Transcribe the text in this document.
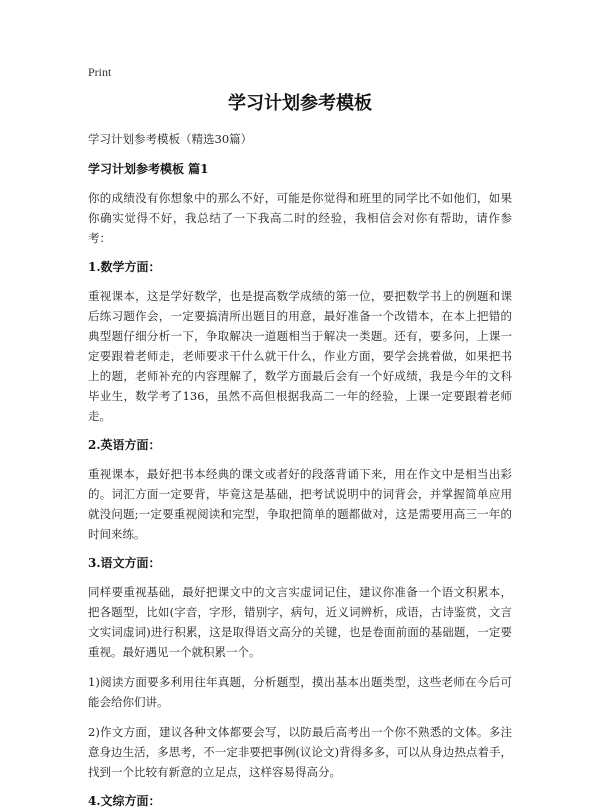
Print
学习计划参考模板
学习计划参考模板（精选30篇）
学习计划参考模板 篇1

你的成绩没有你想象中的那么不好，可能是你觉得和班里的同学比不如他们，如果你确实觉得不好，我总结了一下我高二时的经验，我相信会对你有帮助，请作参考：

1.数学方面：

重视课本，这是学好数学，也是提高数学成绩的第一位，要把数学书上的例题和课后练习题作会，一定要搞清所出题目的用意，最好准备一个改错本，在本上把错的典型题仔细分析一下，争取解决一道题相当于解决一类题。还有，要多问，上课一定要跟着老师走，老师要求干什么就干什么，作业方面，要学会挑着做，如果把书上的题，老师补充的内容理解了，数学方面最后会有一个好成绩，我是今年的文科毕业生，数学考了136，虽然不高但根据我高二一年的经验，上课一定要跟着老师走。

2.英语方面：

重视课本，最好把书本经典的课文或者好的段落背诵下来，用在作文中是相当出彩的。词汇方面一定要背，毕竟这是基础，把考试说明中的词背会，并掌握简单应用就没问题;一定要重视阅读和完型，争取把简单的题都做对，这是需要用高三一年的时间来练。

3.语文方面：

同样要重视基础，最好把课文中的文言实虚词记住，建议你准备一个语文积累本，把各题型，比如(字音，字形，错别字，病句，近义词辨析，成语，古诗鉴赏，文言文实词虚词)进行积累，这是取得语文高分的关键，也是卷面前面的基础题，一定要重视。最好遇见一个就积累一个。

1)阅读方面要多利用往年真题，分析题型，摸出基本出题类型，这些老师在今后可能会给你们讲。

2)作文方面，建议各种文体都要会写，以防最后高考出一个你不熟悉的文体。多注意身边生活，多思考，不一定非要把事例(议论文)背得多多，可以从身边热点着手，找到一个比较有新意的立足点，这样容易得高分。

4.文综方面：
